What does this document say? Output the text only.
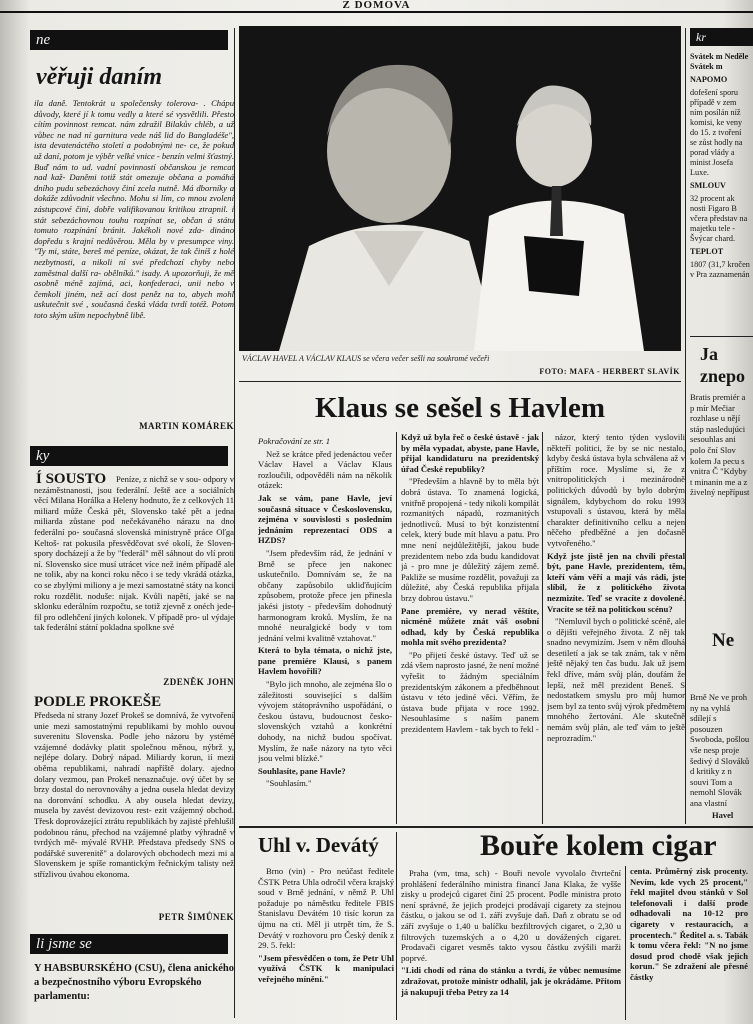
Z DOMOVA
ne
věřuji daním
ila daně. Tentokrát u společensky tolerova- . Chápu důvody, které jí k tomu vedly a které sé vysvětlili. Přesto cítím povinnost remcat. nám zdražil Bilakův chléb, a už vůbec ne nad ní garnitura vede náš lid do Bangladéše", ista devatenáctého století a podobnými ne- ce, že pokud už daní, potom je výběr velké vnice - benzín velmi šťastný. Buď nám to ud. vadní povinností občanskou je remcat nad kaž- Daněmi totiž stát omezuje občana a pomáhá dního pudu sebezáchovy činí zcela nutně. Má dborníky a dokáže zdůvodnit všechno. Mohu si lím, co mnou zvolení zástupcové činí, dobře valifikovanou kritikou ztrapnil. i stát sebezáchovnou touhu rozpínat se, občan á státu tomuto rozpínání bránit. Jakékoli nové zda- dináno dopředu s krajní nedůvěrou. Měla by v presumpce viny. "Ty mi, státe, bereš mé peníze, okázat, že tak činíš z holé nezbytnosti, a nikoli ní své předchozí chyby nebo zaměstnal další ra- obělníků." isady. A upozorňuji, že mě osobně méně zajímá, aci, konfederaci, unii nebo v čemkoli jiném, než ací dost peněz na to, abych mohl uskutečnit své , současná česká vláda tvrdí totéž. Potom toto ským ušim nepochybně libě.
MARTIN KOMÁREK
ky
Í SOUSTO	Peníze, z nichž se v sou- odpory v nezáměstnanosti, jsou federální. Ještě ace a sociálních věcí Milana Horálka a Heleny hodnuto, že z celkových 11 miliard může Česká pět, Slovensko také pět a jedna miliarda zůstane pod nečekávaného nárazu na dno federální po- současná slovenská ministryně práce Oľga Keltoš- rat pokusila přesvědčovat své okolí, že Sloven- spory docházejí a že by "federál" měl sáhnout do vlí proti ní. Slovensko sice musí utrácet více než iném případě ale ne tolik, aby na konci roku něco i se tedy vkrádá otázka, co se zbylými miliony a je mezi samostatné státy na konci roku rozdělit. noduše: nijak. Kvůli napětí, jaké se na sklonku ederálním rozpočtu, se totiž zjevně z onéch jede- fil pro odlehčení jiných kolonek. V případě pro- ul výdaje tak federální státní pokladna spolkne své
ZDENĚK JOHN
PODLE PROKEŠE
Předseda ní strany Jozef Prokeš se domnívá, že vytvoření unie mezi samostatnými republikami by mohlo ouvou suverenitu Slovenska. Podle jeho názoru by ystémé vzájemné dodávky platit společnou měnou, nýbrž y, nejlépe dolary. Dobrý nápad. Miliardy korun, ií mezi oběma republikami, nahradí napříště dolary. ajedno dolary vezmou, pan Prokeš nenaznačuje. ový účet by se brzy dostal do nerovnováhy a jedna ousela hledat devizy na doronvání schodku. A aby ousela hledat devizy, musela by zavést devizovou rest- ezit vzájemný obchod. Třesk doprovázející ztrátu republikách by zajisté přehlušil podobnou ránu, přechod na vzájemné platby výhradně v tvrdých mě- mývalé RVHP. Představa předsedy SNS o podářské suverenitě" a dolarových obchodech mezi mi a Slovenskem je spíše romantickým řečnickým talisty než střízlivou úvahou ekonoma.
PETR ŠIMŮNEK
li jsme se
Y HABSBURSKÉHO (CSU), člena anického a bezpečnostního výboru Evropského parlamentu:
VÁCLAV HAVEL A VÁCLAV KLAUS se včera večer sešli na soukromé večeři
FOTO: MAFA - HERBERT SLAVÍK
Klaus se sešel s Havlem

Pokračování ze str. 1

Než se krátce před jedenáctou večer Václav Havel a Václav Klaus rozloučili, odpověděli nám na několik otázek:

Jak se vám, pane Havle, jeví současná situace v Československu, zejména v souvislosti s posledním jednáním reprezentací ODS a HZDS?

"Jsem především rád, že jednání v Brně se přece jen nakonec uskutečnilo. Domnívám se, že na občany zapůsobilo ukliďňujícím způsobem, protože přece jen přinesla jakési jistoty - především dohodnutý harmonogram kroků. Myslím, že na mnohé neuralgické body v tom jednání velmi kvalitně vztahovat."

Která to byla témata, o nichž jste, pane premiére Klausi, s panem Havlem hovořili?

"Bylo jich mnoho, ale zejména šlo o záležitosti související s dalším vývojem státoprávního uspořádání, o českou ústavu, budoucnost česko-slovenských vztahů a konkrétní dohody, na nichž budou spočívat. Myslím, že naše názory na tyto věci jsou velmi blízké."

Souhlasíte, pane Havle?

"Souhlasím."

Když už byla řeč o české ústavě - jak by měla vypadat, abyste, pane Havle, přijal kandidaturu na prezidentský úřad České republiky?

"Především a hlavně by to měla být dobrá ústava. To znamená logická, vnitřně propojená - tedy nikoli kompilát rozmanitých nápadů, rozmanitých jednotlivců. Musí to být konzistentní celek, který bude mít hlavu a patu. Pro mne není nejdůležitější, jakou bude prezidentem nebo zda budu kandidovat já - pro mne je důležitý zájem země. Pakliže se musíme rozdělit, považuji za důležité, aby Česká republika přijala brzy dobrou ústavu."

Pane premiére, vy nerad věštíte, nicméně můžete znát váš osobní odhad, kdy by Česká republika mohla mít svého prezidenta?

"Po přijetí české ústavy. Teď už se zdá všem naprosto jasné, že není možné vyřešit to žádným speciálním prezidentským zákonem a předběhnout ústavu v této jediné věci. Věřím, že ústava bude přijata v roce 1992. Nesouhlasíme s naším panem prezidentem Havlem - tak bych to řekl -

názor, který tento týden vyslovili někteří politici, že by se nic nestalo, kdyby česká ústava byla schválena až v příštím roce. Myslíme si, že z vnitropolitických i mezinárodně politických důvodů by bylo dobrým signálem, kdybychom do roku 1993 vstupovali s ústavou, která by měla charakter definitivního celku a nejen něčeho předběžné a jen dočasně vytvořeného."

Když jste jistě jen na chvíli přestal být, pane Havle, prezidentem, těm, kteří vám věří a mají vás rádi, jste slíbil, že z politického života nezmizíte. Teď se vracíte z dovolené. Vracíte se též na politickou scénu?

"Nemluvil bych o politické scéně, ale o dějišti veřejného života. Z něj tak snadno nevymizím. Jsem v něm dlouhá desetiletí a jak se tak znám, tak v něm ještě nějaký ten čas budu. Jak už jsem řekl dříve, mám svůj plán, doufám že lepší, než měl prezident Beneš. S nedostatkem smyslu pro můj humor jsem byl za tento svůj výrok předmětem mnohého žertování. Ale skutečně nemám svůj plán, ale teď vám to ještě neprozradím."

Uhl v. Devátý

Brno (vin) - Pro neúčast ředitele ČSTK Petra Uhla odročil včera krajský soud v Brně jednání, v němž P. Uhl požaduje po náměstku ředitele FBIS Stanislavu Devátém 10 tisíc korun za újmu na cti. Měl ji utrpět tím, že S. Devátý v rozhovoru pro Český deník z 29. 5. řekl:

"Jsem přesvědčen o tom, že Petr Uhl využívá ČSTK k manipulaci veřejného mínění."

Bouře kolem cigar

Praha (vm, tma, sch) - Bouři nevole vyvolalo čtvrteční prohlášení federálního ministra financí Jana Klaka, že vyšše zisky u prodejců cigaret činí 25 procent. Podle ministra proto není správné, že jejich prodejci prodávají cigarety za stejnou částku, o jakou se od 1. září zvyšuje daň. Daň z obratu se od září zvyšuje o 1,40 u balíčku bezfiltrových cigaret, o 2,30 u filtrových tuzemských a o 4,20 u dovážených cigaret. Prodavači cigaret vesměs takto vysou částku zvýšili marži poprvé.

"Lidi chodí od rána do stánku a tvrdí, že vůbec nemusíme zdražovat, protože ministr odhalil, jak je okrádáme. Přitom já nakupuji třeba Petry za 14

centa. Průměrný zisk procenty. Nevím, kde vych 25 procent," řekl majitel dvou stánků v Sol telefonovali i další prode odhadovali na 10-12 pro cigarety v restauracích, a procentech." Ředitel a. s. Tabák k tomu včera řekl: "N no jsme dosud prod chodě však jejich korun." Se zdražení ale přesné částky
kr
Svátek m Neděle Svátek m
NAPOMO
dofešení sporu případě v zem ním posílán níž komisi, ke veny do 15. z tvoření se zůst hodly na porad vlády a minist Josefa Luxe.
SMLOUV
32 procent ak nosti Figaro B včera představ na majetku tele - Švýcar chard.
TEPLOT
1807 (31,7 kročen v Pra zaznamenán
Ja znepo
Bratis premiér a p mír Mečiar rozhlase u nějí stáp nasledujúci sesouhlas ani polo ční Slov kolem Ja pecu s vnitra Č "Kdyby t minanin me a z živelný nepřípust
Ne
Brně Ne ve proh ny na vyhlá sdílejí s posouzen Swoboda, pošlou vše nesp proje šedivý d Slováků d kritiky z n souvi Tom a nemohl Slovák ana vlastní
Havel
